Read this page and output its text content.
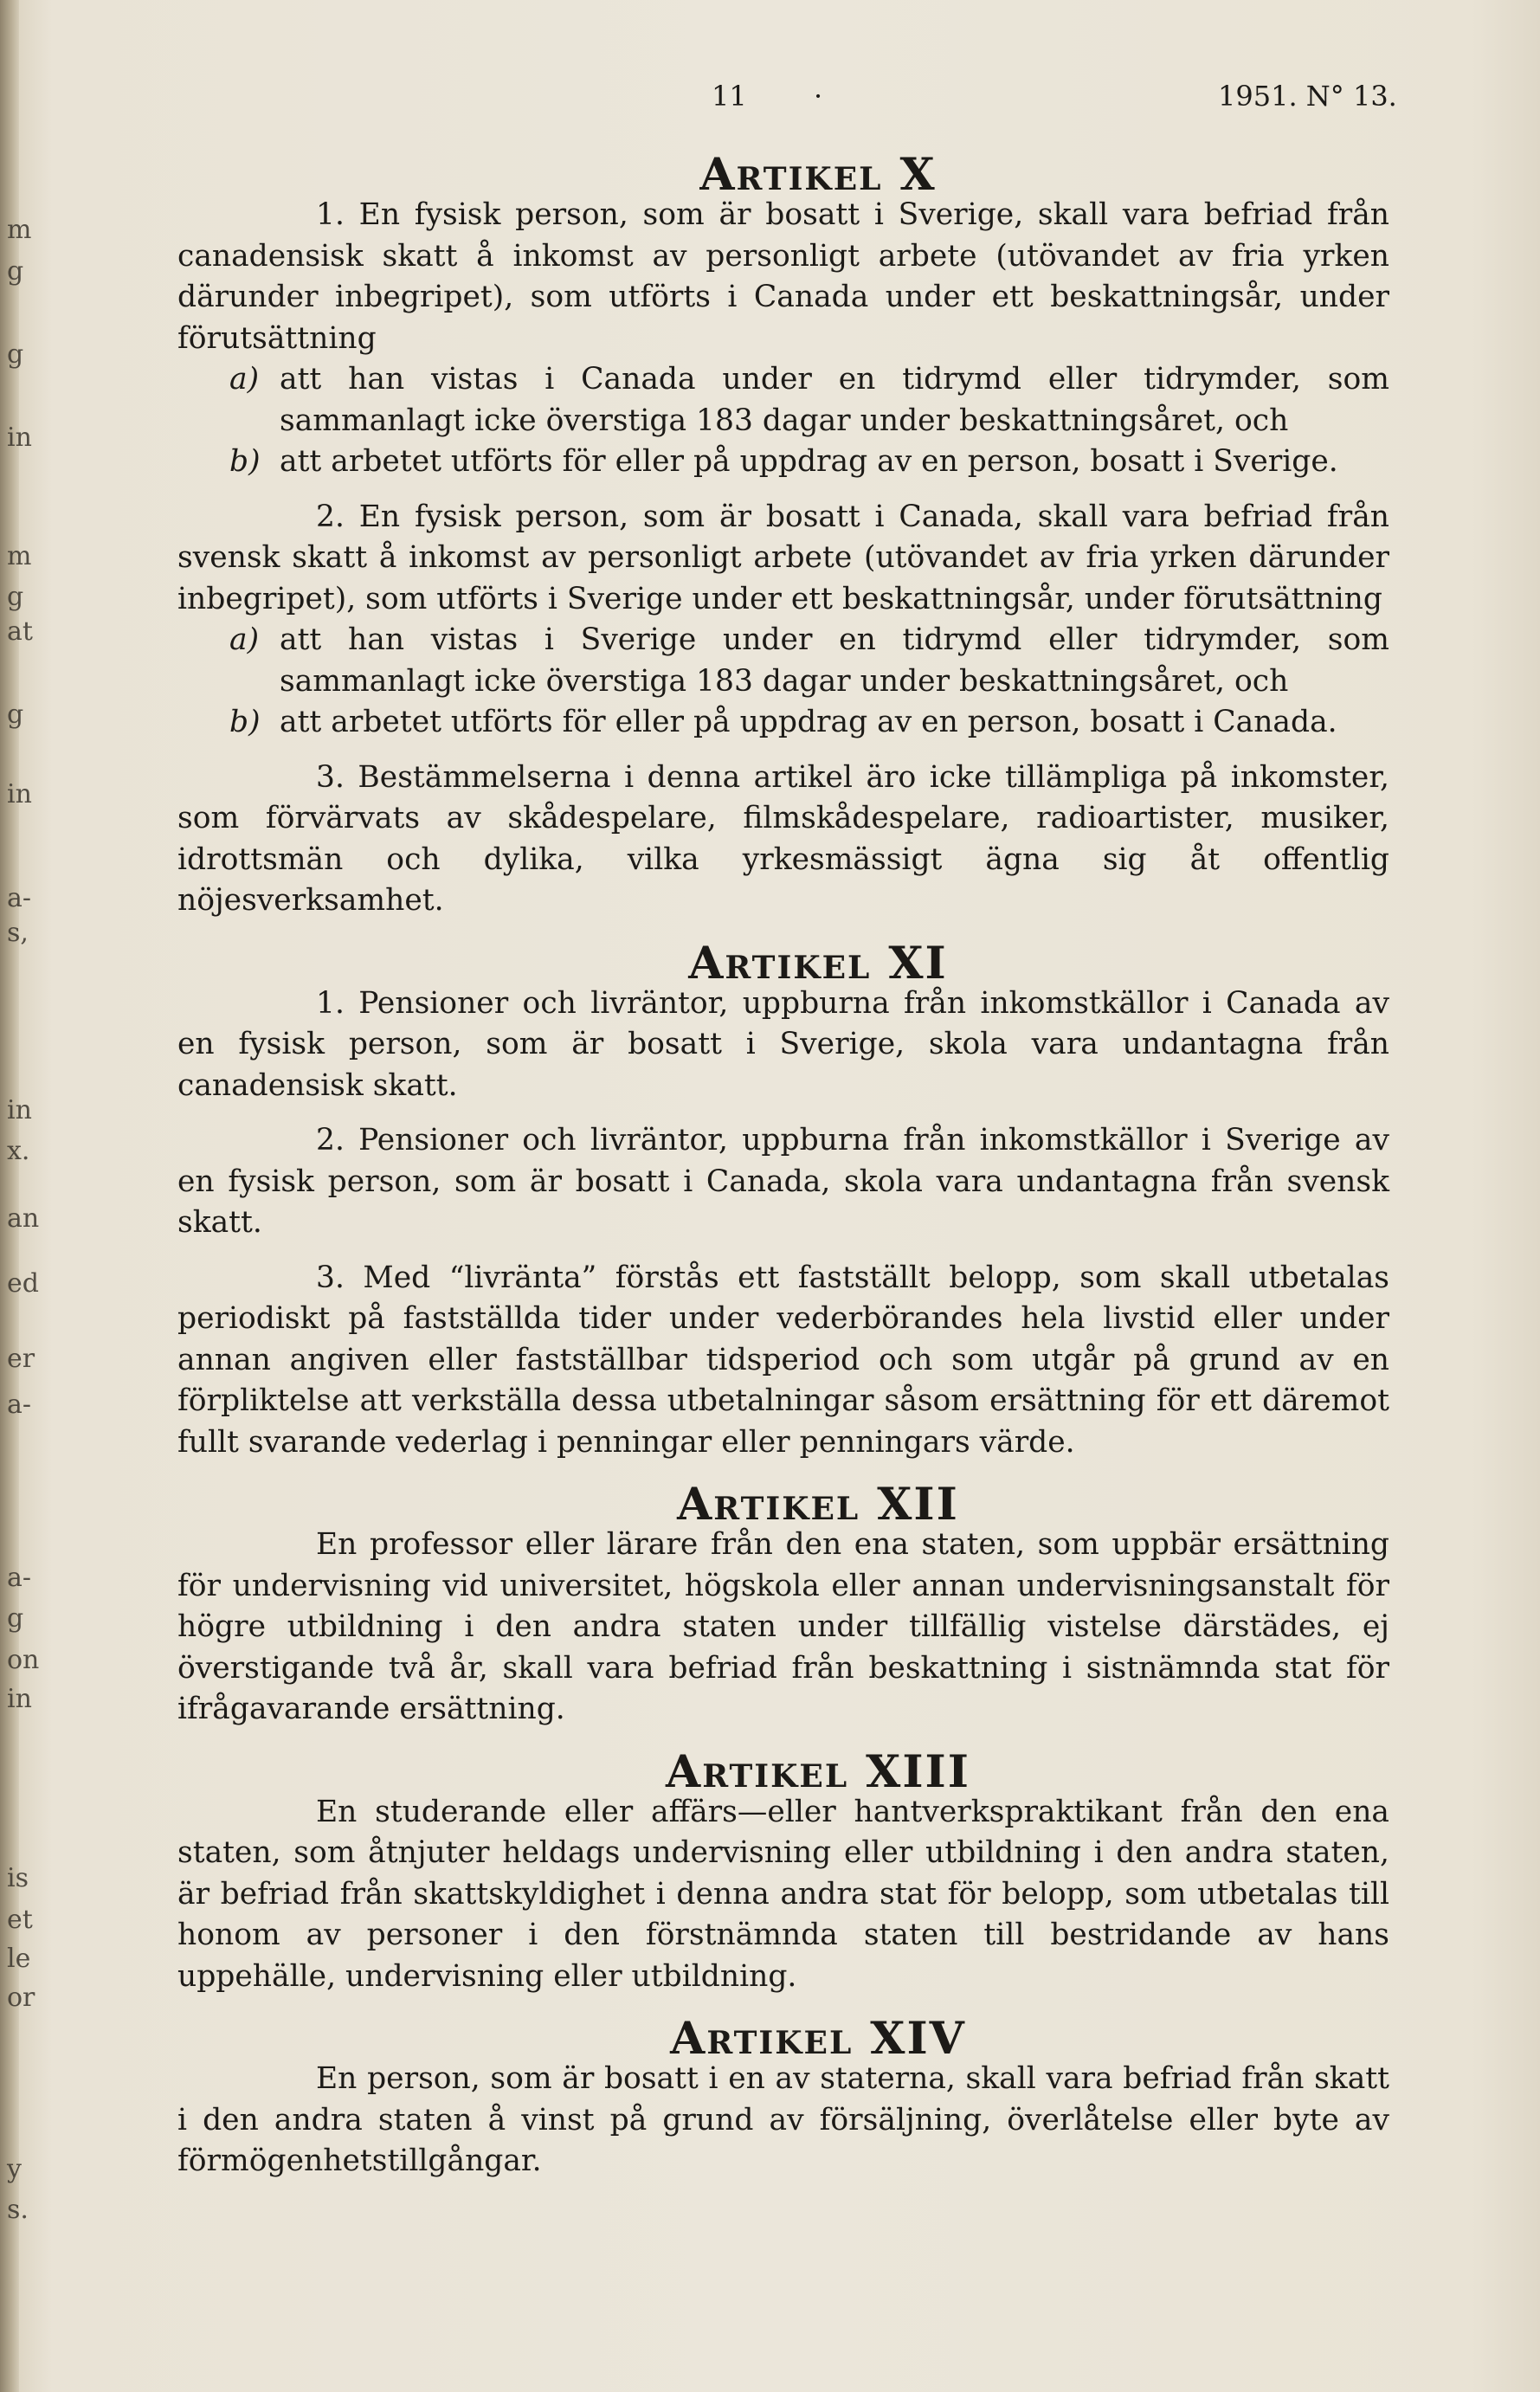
m
g
g
in
m
g
at
g
in
a-
s,
in
x.
an
ed
er
a-
a-
g
on
in
is
et
le
or
y
s.
11 ·	1951. N° 13.
Artikel X

1. En fysisk person, som är bosatt i Sverige, skall vara befriad från canadensisk skatt å inkomst av personligt arbete (utövandet av fria yrken därunder inbegripet), som utförts i Canada under ett beskattningsår, under förutsättning

a) att han vistas i Canada under en tidrymd eller tidrymder, som sammanlagt icke överstiga 183 dagar under beskattningsåret, och
b) att arbetet utförts för eller på uppdrag av en person, bosatt i Sverige.

2. En fysisk person, som är bosatt i Canada, skall vara befriad från svensk skatt å inkomst av personligt arbete (utövandet av fria yrken därunder inbegripet), som utförts i Sverige under ett beskattningsår, under förutsättning

a) att han vistas i Sverige under en tidrymd eller tidrymder, som sammanlagt icke överstiga 183 dagar under beskattningsåret, och
b) att arbetet utförts för eller på uppdrag av en person, bosatt i Canada.

3. Bestämmelserna i denna artikel äro icke tillämpliga på inkomster, som förvärvats av skådespelare, filmskådespelare, radioartister, musiker, idrottsmän och dylika, vilka yrkesmässigt ägna sig åt offentlig nöjesverksamhet.

Artikel XI

1. Pensioner och livräntor, uppburna från inkomstkällor i Canada av en fysisk person, som är bosatt i Sverige, skola vara undantagna från canadensisk skatt.

2. Pensioner och livräntor, uppburna från inkomstkällor i Sverige av en fysisk person, som är bosatt i Canada, skola vara undantagna från svensk skatt.

3. Med “livränta” förstås ett fastställt belopp, som skall utbetalas periodiskt på fastställda tider under vederbörandes hela livstid eller under annan angiven eller fastställbar tidsperiod och som utgår på grund av en förpliktelse att verkställa dessa utbetalningar såsom ersättning för ett däremot fullt svarande vederlag i penningar eller penningars värde.

Artikel XII

En professor eller lärare från den ena staten, som uppbär ersättning för undervisning vid universitet, högskola eller annan undervisningsanstalt för högre utbildning i den andra staten under tillfällig vistelse därstädes, ej överstigande två år, skall vara befriad från beskattning i sistnämnda stat för ifrågavarande ersättning.

Artikel XIII

En studerande eller affärs—eller hantverkspraktikant från den ena staten, som åtnjuter heldags undervisning eller utbildning i den andra staten, är befriad från skattskyldighet i denna andra stat för belopp, som utbetalas till honom av personer i den förstnämnda staten till bestridande av hans uppehälle, undervisning eller utbildning.

Artikel XIV

En person, som är bosatt i en av staterna, skall vara befriad från skatt i den andra staten å vinst på grund av försäljning, överlåtelse eller byte av förmögenhetstillgångar.
